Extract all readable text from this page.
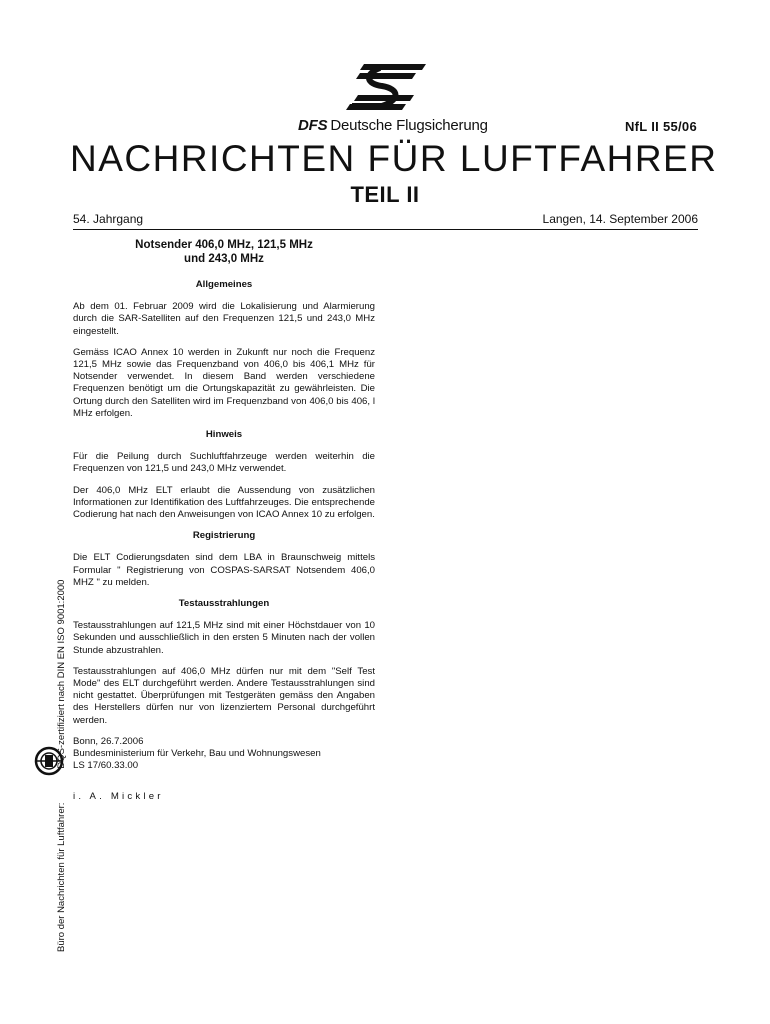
DFS Deutsche Flugsicherung	NfL II 55/06
NACHRICHTEN FÜR LUFTFAHRER
TEIL II
54. Jahrgang	Langen, 14. September 2006
Notsender 406,0 MHz, 121,5 MHz
und 243,0 MHz
Allgemeines

Ab dem 01. Februar 2009 wird die Lokalisierung und Alarmierung durch die SAR-Satelliten auf den Frequenzen 121,5 und 243,0 MHz eingestellt.

Gemäss ICAO Annex 10 werden in Zukunft nur noch die Frequenz 121,5 MHz sowie das Frequenzband von 406,0 bis 406,1 MHz für Notsender verwendet. In diesem Band werden verschiedene Frequenzen benötigt um die Ortungskapazität zu gewährleisten. Die Ortung durch den Satelliten wird im Frequenzband von 406,0 bis 406, l MHz erfolgen.

Hinweis

Für die Peilung durch Suchluftfahrzeuge werden weiterhin die Frequenzen von 121,5 und 243,0 MHz verwendet.

Der 406,0 MHz ELT erlaubt die Aussendung von zusätzlichen Informationen zur Identifikation des Luftfahrzeuges. Die entsprechende Codierung hat nach den Anweisungen von ICAO Annex 10 zu erfolgen.

Registrierung

Die ELT Codierungsdaten sind dem LBA in Braunschweig mittels Formular " Registrierung von COSPAS-SARSAT Notsendem 406,0 MHZ " zu melden.

Testausstrahlungen

Testausstrahlungen auf 121,5 MHz sind mit einer Höchstdauer von 10 Sekunden und ausschließlich in den ersten 5 Minuten nach der vollen Stunde abzustrahlen.

Testausstrahlungen auf 406,0 MHz dürfen nur mit dem "Self Test Mode" des ELT durchgeführt werden. Andere Testausstrahlungen sind nicht gestattet. Überprüfungen mit Testgeräten gemäss den Angaben des Herstellers dürfen nur von lizenziertem Personal durchgeführt werden.

Bonn, 26.7.2006
Bundesministerium für Verkehr, Bau und Wohnungswesen
LS 17/60.33.00
i. A. Mickler
Büro der Nachrichten für Luftfahrer:DQS-zertifiziert nach DIN EN ISO 9001:2000
